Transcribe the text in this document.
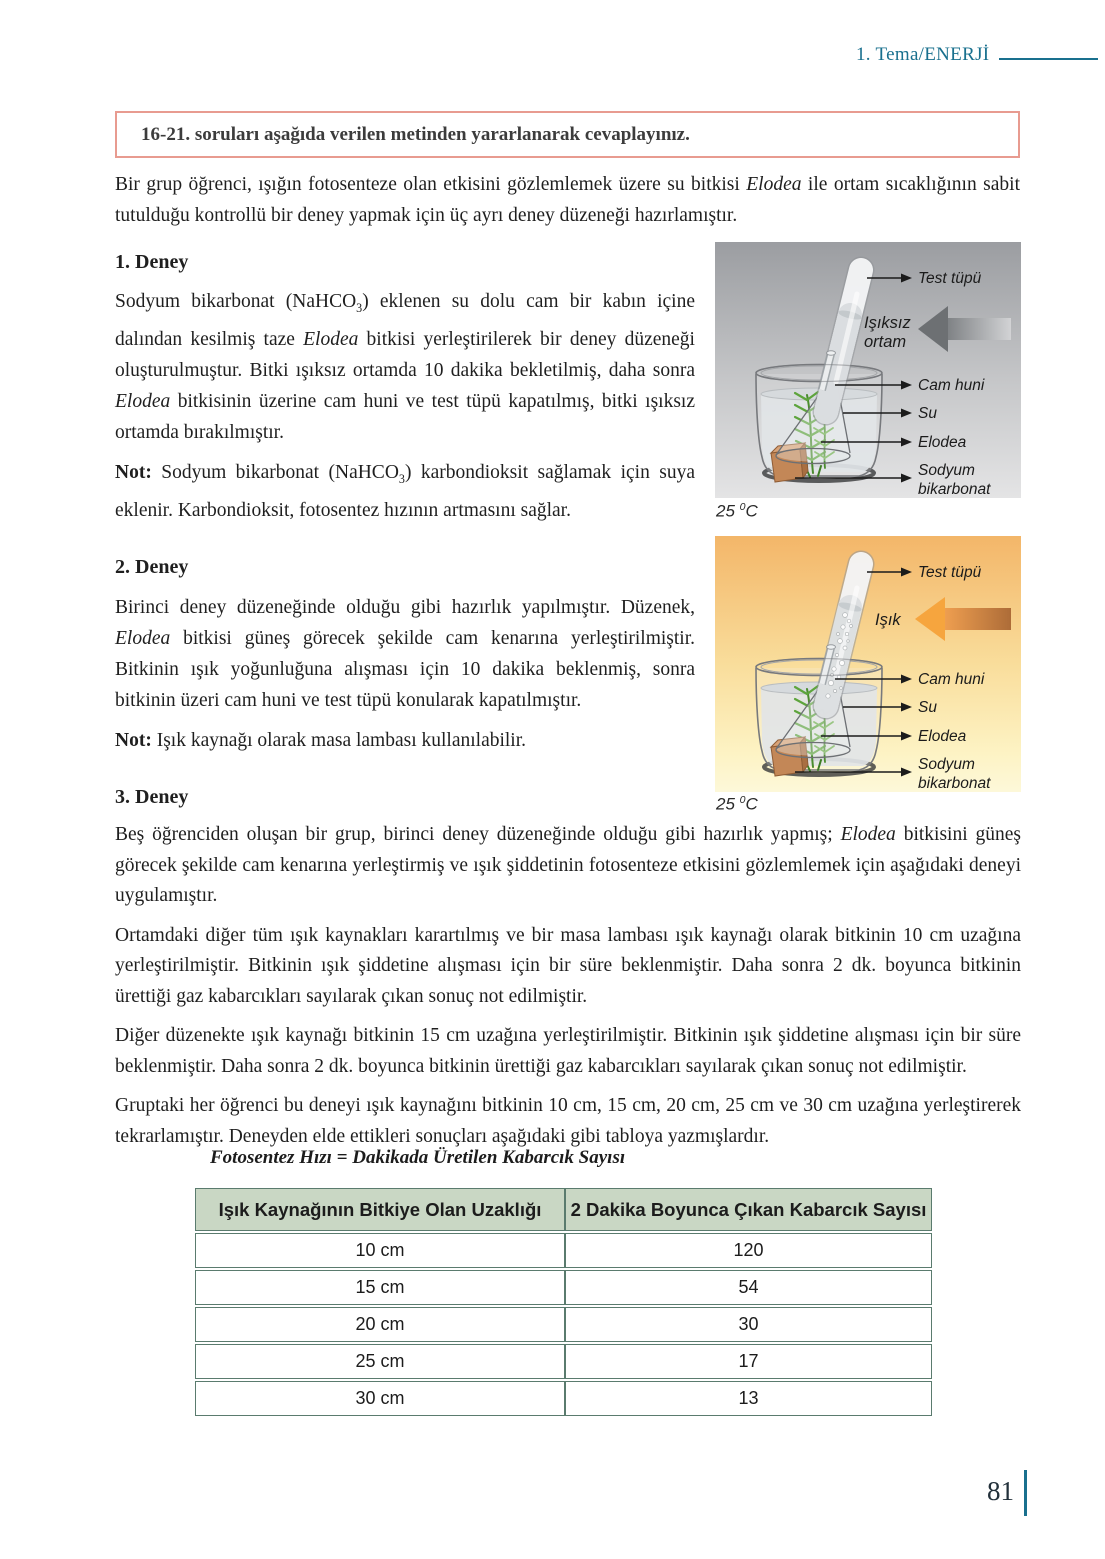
1. Tema/ENERJİ
16-21. soruları aşağıda verilen metinden yararlanarak cevaplayınız.
Bir grup öğrenci, ışığın fotosenteze olan etkisini gözlemlemek üzere su bitkisi Elodea ile ortam sıcaklığının sabit tutulduğu kontrollü bir deney yapmak için üç ayrı deney düzeneği hazırlamıştır.
1. Deney

Sodyum bikarbonat (NaHCO$_3$) eklenen su dolu cam bir kabın içine dalından kesilmiş taze Elodea bitkisi yerleştirilerek bir deney düzeneği oluşturulmuştur. Bitki ışıksız ortamda 10 dakika bekletilmiş, daha sonra Elodea bitkisinin üzerine cam huni ve test tüpü kapatılmış, bitki ışıksız ortamda bırakılmıştır.

Not: Sodyum bikarbonat (NaHCO$_3$) karbondioksit sağlamak için suya eklenir. Karbondioksit, fotosentez hızının artmasını sağlar.

Test tüpü
Işıksız
ortam
Cam huni
Su
Elodea
Sodyum
bikarbonat
25 $^0$C
2. Deney

Birinci deney düzeneğinde olduğu gibi hazırlık yapılmıştır. Düzenek, Elodea bitkisi güneş görecek şekilde cam kenarına yerleştirilmiştir. Bitkinin ışık yoğunluğuna alışması için 10 dakika beklenmiş, sonra bitkinin üzeri cam huni ve test tüpü konularak kapatılmıştır.

Not: Işık kaynağı olarak masa lambası kullanılabilir.

Test tüpü
Işık
Cam huni
Su
Elodea
Sodyum
bikarbonat
25 $^0$C
3. Deney

Beş öğrenciden oluşan bir grup, birinci deney düzeneğinde olduğu gibi hazırlık yapmış; Elodea bitkisini güneş görecek şekilde cam kenarına yerleştirmiş ve ışık şiddetinin fotosenteze etkisini gözlemlemek için aşağıdaki deneyi uygulamıştır.

Ortamdaki diğer tüm ışık kaynakları karartılmış ve bir masa lambası ışık kaynağı olarak bitkinin 10 cm uzağına yerleştirilmiştir. Bitkinin ışık şiddetine alışması için bir süre beklenmiştir. Daha sonra 2 dk. boyunca bitkinin ürettiği gaz kabarcıkları sayılarak çıkan sonuç not edilmiştir.

Diğer düzenekte ışık kaynağı bitkinin 15 cm uzağına yerleştirilmiştir. Bitkinin ışık şiddetine alışması için bir süre beklenmiştir. Daha sonra 2 dk. boyunca bitkinin ürettiği gaz kabarcıkları sayılarak çıkan sonuç not edilmiştir.

Gruptaki her öğrenci bu deneyi ışık kaynağını bitkinin 10 cm, 15 cm, 20 cm, 25 cm ve 30 cm uzağına yerleştirerek tekrarlamıştır. Deneyden elde ettikleri sonuçları aşağıdaki gibi tabloya yazmışlardır.

Fotosentez Hızı = Dakikada Üretilen Kabarcık Sayısı
Işık Kaynağının Bitkiye Olan Uzaklığı	2 Dakika Boyunca Çıkan Kabarcık Sayısı
10 cm	120
15 cm	54
20 cm	30
25 cm	17
30 cm	13
81
